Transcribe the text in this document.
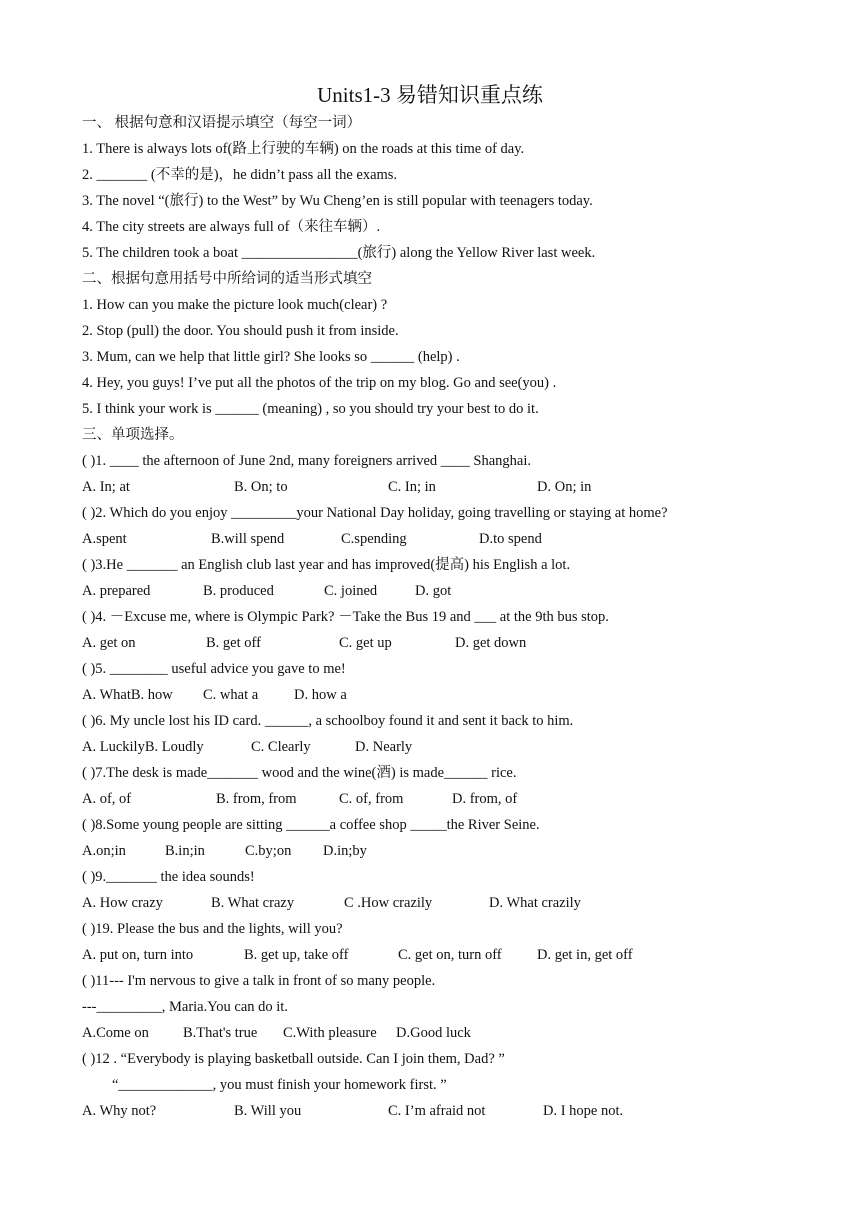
Units1-3 易错知识重点练
一、 根据句意和汉语提示填空（每空一词）
1. There is always lots of(路上行驶的车辆) on the roads at this time of day.
2. _______ (不幸的是)，he didn’t pass all the exams.
3. The novel “(旅行) to the West” by Wu Cheng’en is still popular with teenagers today.
4. The city streets are always full of（来往车辆）.
5. The children took a boat ________________(旅行) along the Yellow River last week.
二、根据句意用括号中所给词的适当形式填空
1. How can you make the picture look much(clear) ?
2. Stop (pull) the door. You should push it from inside.
3. Mum, can we help that little girl? She looks so ______ (help) .
4. Hey, you guys! I’ve put all the photos of the trip on my blog. Go and see(you) .
5. I think your work is ______ (meaning) , so you should try your best to do it.
三、单项选择。
( )1. ____ the afternoon of June 2nd, many foreigners arrived ____ Shanghai.
A. In; at	B. On; to	C. In; in	D. On; in
( )2. Which do you enjoy _________your National Day holiday, going travelling or staying at home?
A.spent	B.will spend	C.spending	D.to spend
( )3.He _______ an English club last year and has improved(提高) his English a lot.
A. prepared	B. produced	C. joined	D. got
( )4. －Excuse me, where is Olympic Park? －Take the Bus 19 and ___ at the 9th bus stop.
A. get on	B. get off	C. get up	D. get down
( )5. ________ useful advice you gave to me!
A. WhatB. how C. what a D. how a
( )6. My uncle lost his ID card. ______, a schoolboy found it and sent it back to him.
A. LuckilyB. Loudly	C. Clearly	D. Nearly
( )7.The desk is made_______ wood and the wine(酒) is made______ rice.
A. of, of	B. from, from	C. of, from	D. from, of
( )8.Some young people are sitting ______a coffee shop _____the River Seine.
A.on;in	B.in;in	C.by;on D.in;by
( )9._______ the idea sounds!
A. How crazy	B. What crazy	C .How crazily	D. What crazily
( )19. Please the bus and the lights, will you?
A. put on, turn into	B. get up, take off	C. get on, turn off D. get in, get off
( )11--- I'm nervous to give a talk in front of so many people.
---_________, Maria.You can do it.
A.Come on B.That's true C.With pleasure D.Good luck
( )12 . “Everybody is playing basketball outside. Can I join them, Dad? ”
“_____________, you must finish your homework first. ”
A. Why not?	B. Will you	C. I’m afraid not	D. I hope not.
